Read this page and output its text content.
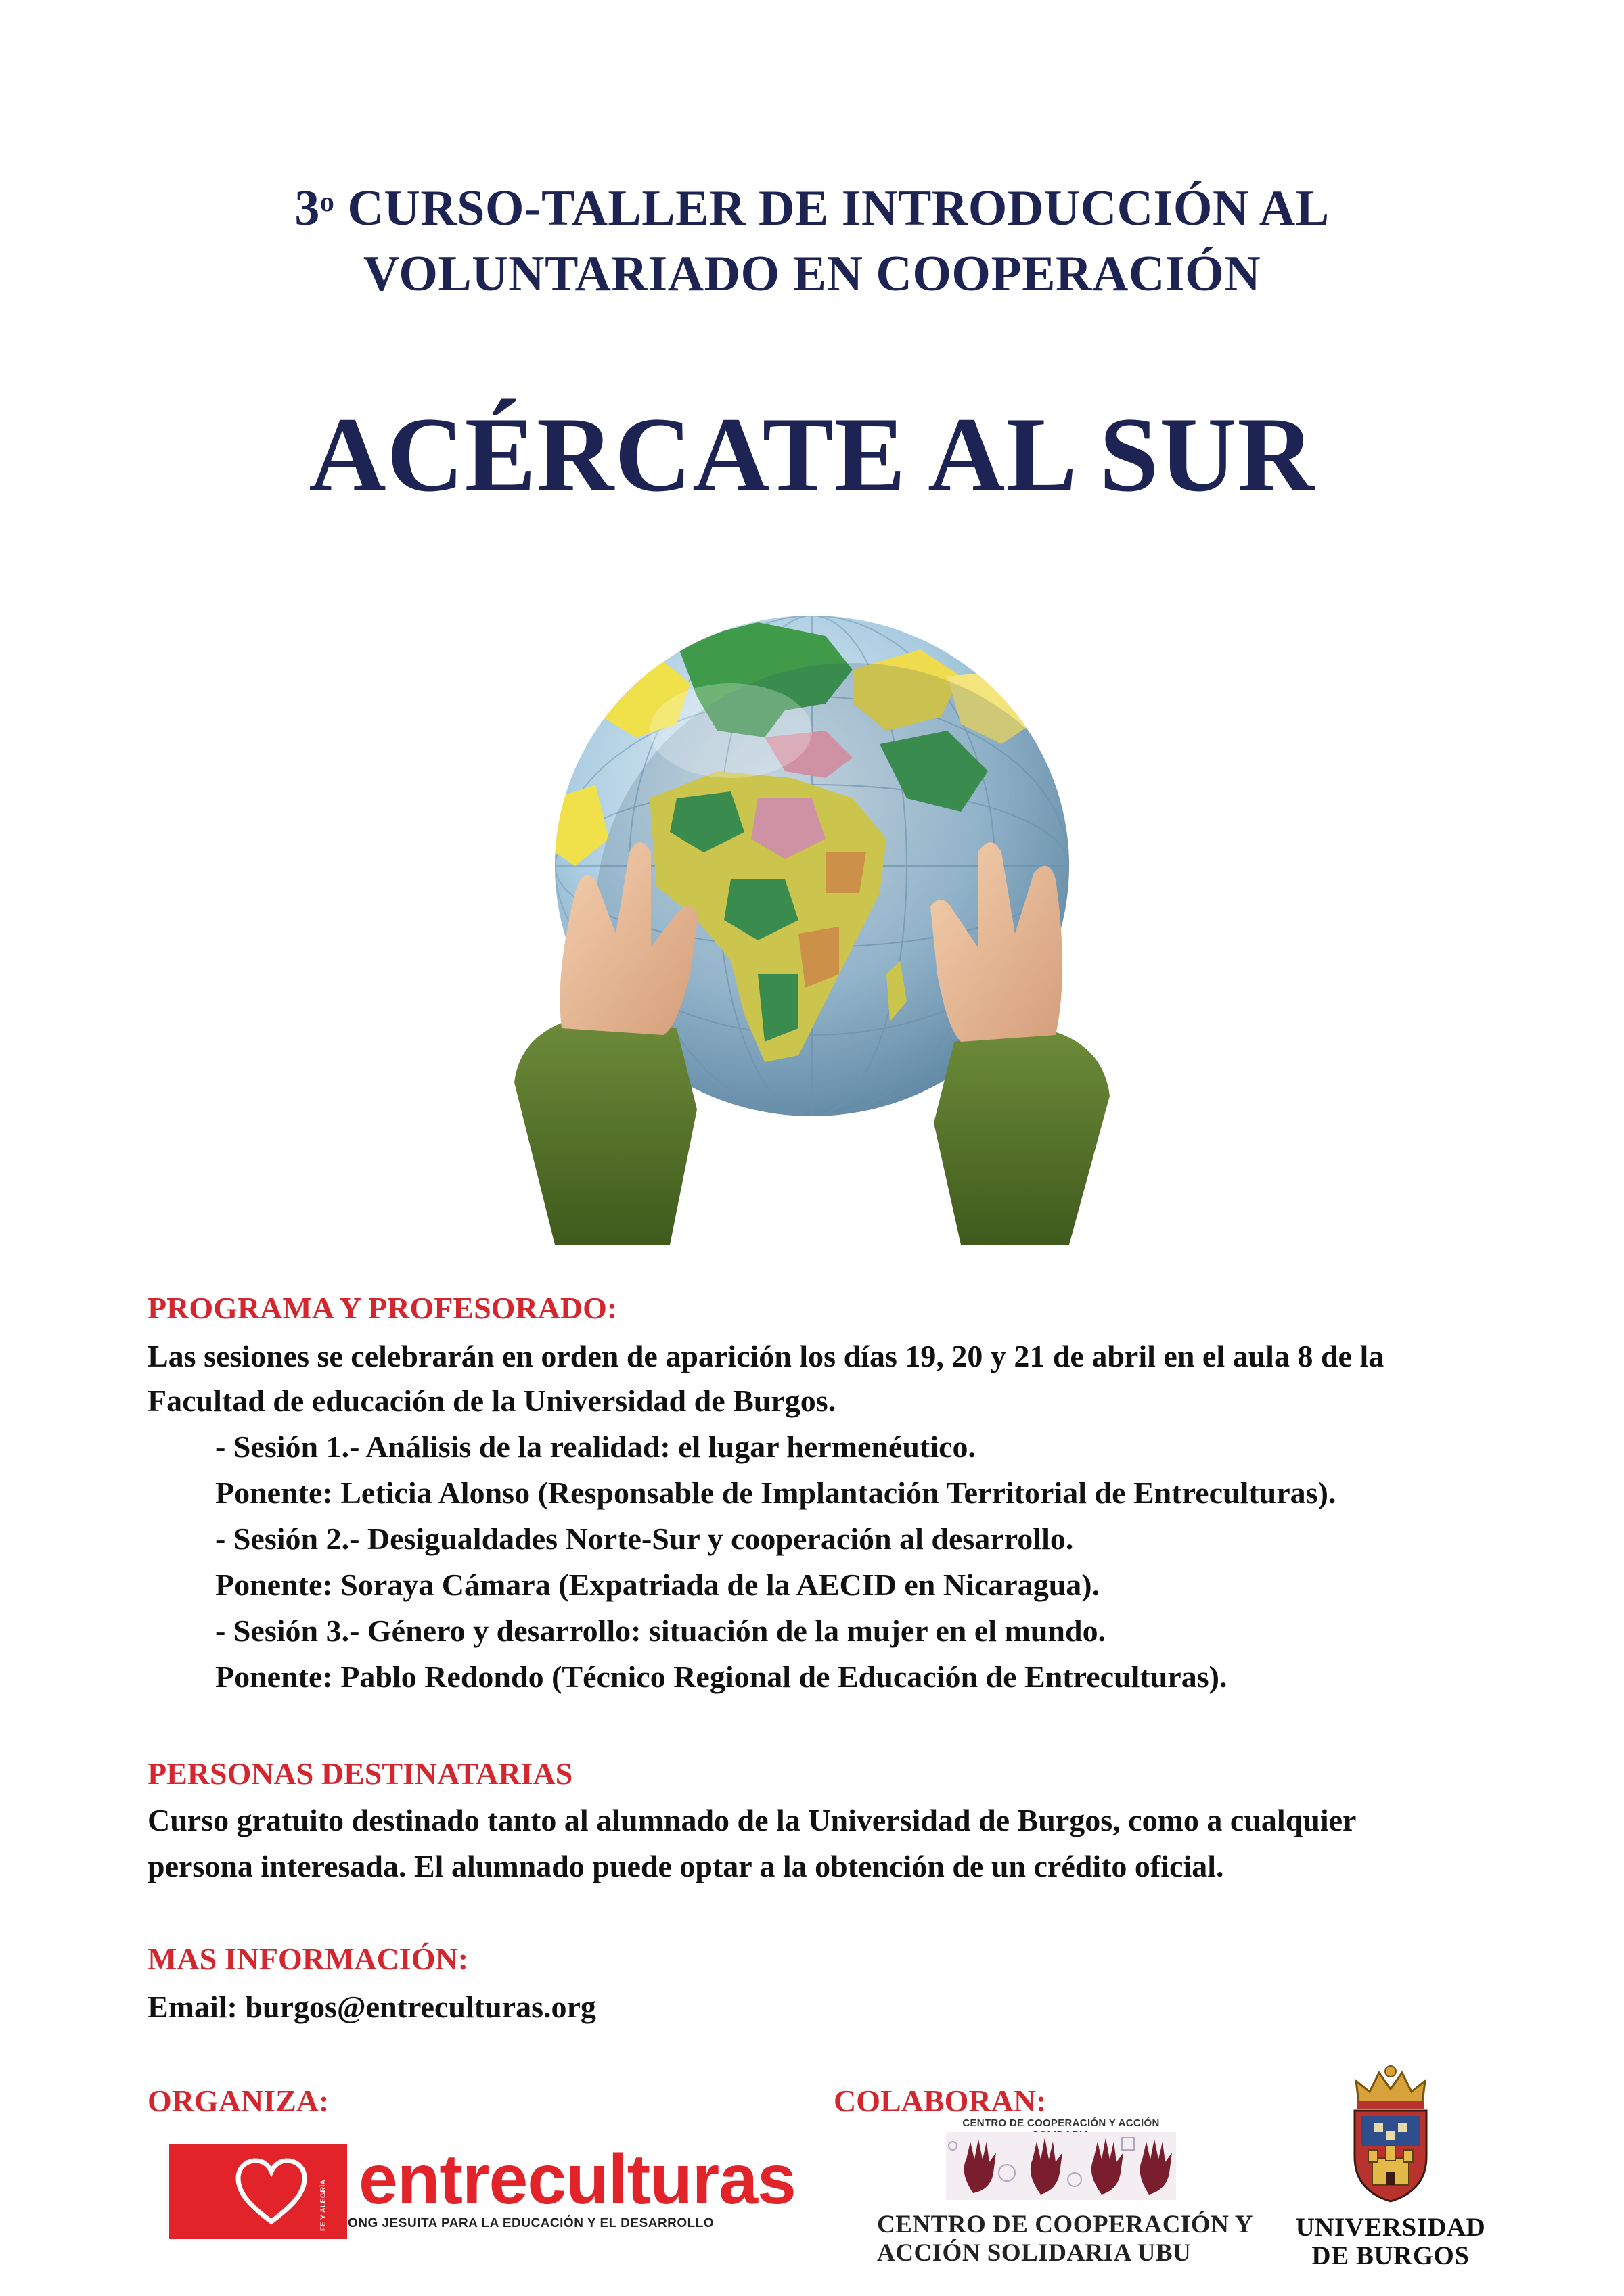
3$^o$ CURSO-TALLER DE INTRODUCCIÓN AL
VOLUNTARIADO EN COOPERACIÓN
ACÉRCATE AL SUR
PROGRAMA Y PROFESORADO:
Las sesiones se celebrarán en orden de aparición los días 19, 20 y 21 de abril en el aula 8 de la
Facultad de educación de la Universidad de Burgos.
- Sesión 1.- Análisis de la realidad: el lugar hermenéutico.
Ponente: Leticia Alonso (Responsable de Implantación Territorial de Entreculturas).
- Sesión 2.- Desigualdades Norte-Sur y cooperación al desarrollo.
Ponente: Soraya Cámara (Expatriada de la AECID en Nicaragua).
- Sesión 3.- Género y desarrollo: situación de la mujer en el mundo.
Ponente: Pablo Redondo (Técnico Regional de Educación de Entreculturas).
PERSONAS DESTINATARIAS
Curso gratuito destinado tanto al alumnado de la Universidad de Burgos, como a cualquier
persona interesada. El alumnado puede optar a la obtención de un crédito oficial.
MAS INFORMACIÓN:
Email: burgos@entreculturas.org
ORGANIZA:	COLABORAN:
FE Y ALEGRÍA entreculturas
ONG JESUITA PARA LA EDUCACIÓN Y EL DESARROLLO
CENTRO DE COOPERACIÓN Y ACCIÓN
CENTRO DE COOPERACIÓN Y
ACCIÓN SOLIDARIA UBU
UNIVERSIDAD
DE BURGOS
